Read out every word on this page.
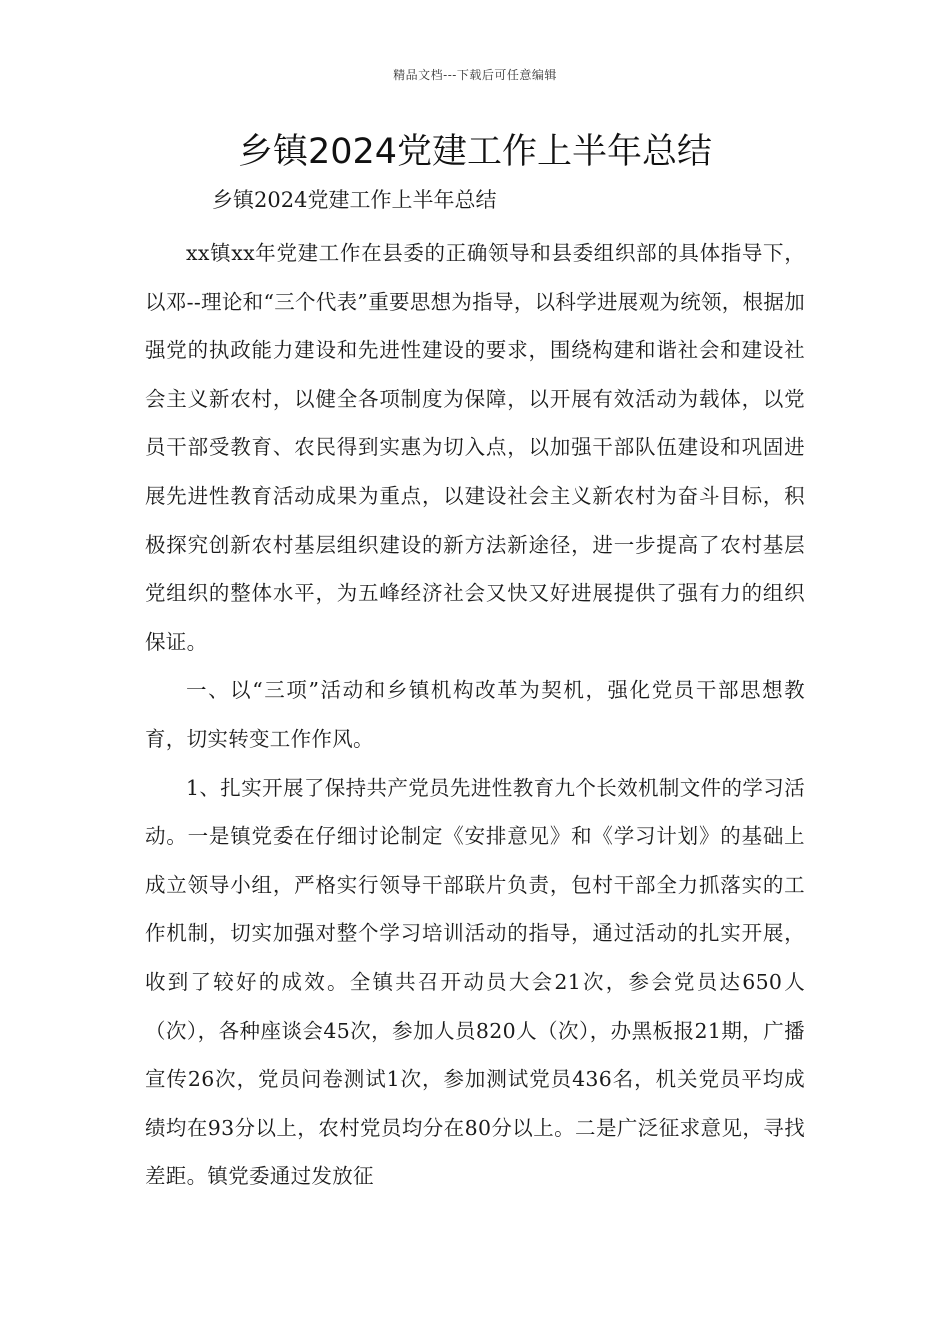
精品文档---下载后可任意编辑
乡镇2024党建工作上半年总结

乡镇2024党建工作上半年总结

xx镇xx年党建工作在县委的正确领导和县委组织部的具体指导下，以邓--理论和“三个代表”重要思想为指导，以科学进展观为统领，根据加强党的执政能力建设和先进性建设的要求，围绕构建和谐社会和建设社会主义新农村，以健全各项制度为保障，以开展有效活动为载体，以党员干部受教育、农民得到实惠为切入点，以加强干部队伍建设和巩固进展先进性教育活动成果为重点，以建设社会主义新农村为奋斗目标，积极探究创新农村基层组织建设的新方法新途径，进一步提高了农村基层党组织的整体水平，为五峰经济社会又快又好进展提供了强有力的组织保证。

一、以“三项”活动和乡镇机构改革为契机，强化党员干部思想教育，切实转变工作作风。

1、扎实开展了保持共产党员先进性教育九个长效机制文件的学习活动。一是镇党委在仔细讨论制定《安排意见》和《学习计划》的基础上成立领导小组，严格实行领导干部联片负责，包村干部全力抓落实的工作机制，切实加强对整个学习培训活动的指导，通过活动的扎实开展，收到了较好的成效。全镇共召开动员大会21次，参会党员达650人（次），各种座谈会45次，参加人员820人（次），办黑板报21期，广播宣传26次，党员问卷测试1次，参加测试党员436名，机关党员平均成绩均在93分以上，农村党员均分在80分以上。二是广泛征求意见，寻找差距。镇党委通过发放征
